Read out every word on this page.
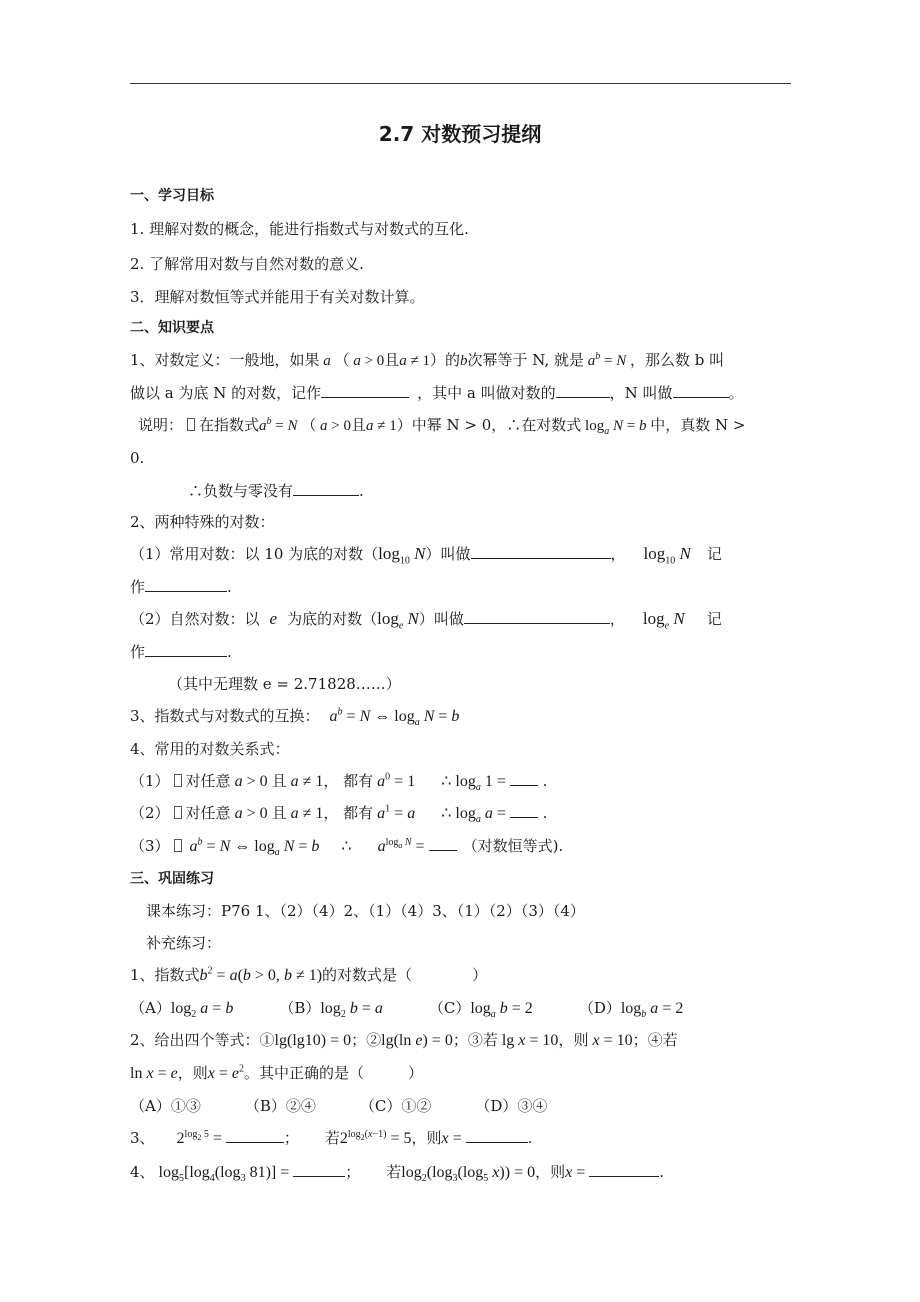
2.7 对数预习提纲
一、学习目标
1. 理解对数的概念，能进行指数式与对数式的互化.
2. 了解常用对数与自然对数的意义.
3．理解对数恒等式并能用于有关对数计算。
二、知识要点
1、对数定义：一般地，如果 a （ a > 0且a ≠ 1）的b次幂等于 N, 就是 $a^b = N$ ，那么数 b 叫
做以 a 为底 N 的对数，记作	，其中 a 叫做对数的	，N 叫做	。
说明： 在指数式$a^b = N$ （ a > 0且a ≠ 1）中幂 N > 0，∴在对数式 $\log_a N = b$ 中，真数 N >
0.
∴负数与零没有	.
2、两种特殊的对数：
（1）常用对数：以 10 为底的对数（$\log_{10}$ N）叫做	， $\log_{10} N$ 记
作	.
（2）自然对数：以 e 为底的对数（$\log_e$ N）叫做	， $\log_e N$ 记
作	.
（其中无理数 e = 2.71828……）
3、指数式与对数式的互换： $a^b = N$ ⇔ $\log_a N = b$
4、常用的对数关系式：
（1） 对任意 a > 0 且 a ≠ 1， 都有 $a^0 = 1$ ∴ $\log_a 1$ =  .
（2） 对任意 a > 0 且 a ≠ 1， 都有 $a^1 = a$ ∴ $\log_a a$ =  .
（3） $a^b = N$ ⇔ $\log_a N = b$ ∴ $a^{log_a N}$ = （对数恒等式).
三、巩固练习
课本练习：P76 1、（2）（4）2、（1）（4）3、（1）（2）（3）（4）
补充练习：
1、指数式$b^2 = a(b > 0$, b ≠ 1)的对数式是（	）
$(A)\log_2$ a = b	$(B)\log_2$ b = a	$(C)\log_a$ b = 2	$(D)\log_b$ a = 2
2、给出四个等式：①lg(lg10) = 0；②lg(ln e) = 0；③若 lg x = 10，则 x = 10；④若
ln x = e，则$x = e^2$。其中正确的是（	）
（A）①③	（B）②④	（C）①②	（D）③④
3、 $2^{log_2 5}$ =	； 若$2^{log_2(x-1)} = 5$，则x =	.
4、 $\log_5[\log_4(\log_3$ 81)] =	； 若$\log_2(\log_3(\log_5$ x)) = 0，则x =	.
